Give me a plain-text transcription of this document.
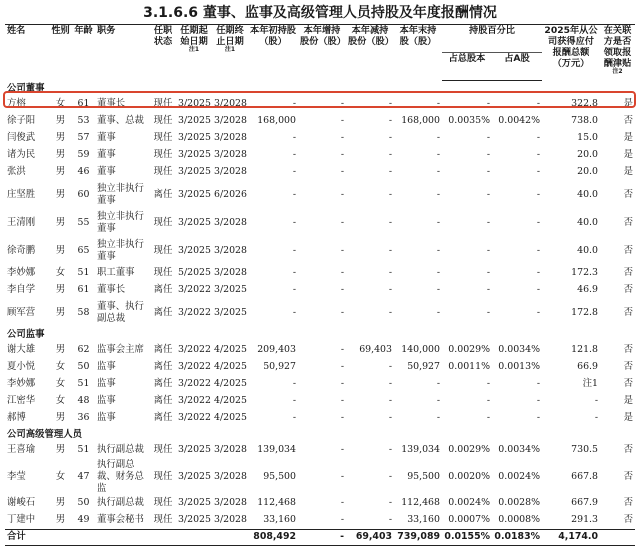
3.1.6.6 董事、监事及高级管理人员持股及年度报酬情况
姓名	性别	年龄	职务	任职状态	任期起始日期$^{注1}$	任期终止日期$^{注1}$	本年初持股（股）	本年增持股份（股）	本年减持股份（股）	本年末持股（股）	持股百分比		2025年从公司获得应付报酬总额（万元）	在关联方是否领取报酬津贴$^{注2}$
											占总股本	占A股		
公司董事														
方榕	女	61	董事长	现任	3/2025	3/2028	-	-	-	-	-	-	322.8	是
徐子阳	男	53	董事、总裁	现任	3/2025	3/2028	168,000	-	-	168,000	0.0035%	0.0042%	738.0	否
闫俊武	男	57	董事	现任	3/2025	3/2028	-	-	-	-	-	-	15.0	是
诸为民	男	59	董事	现任	3/2025	3/2028	-	-	-	-	-	-	20.0	是
张洪	男	46	董事	现任	3/2025	3/2028	-	-	-	-	-	-	20.0	是
庄坚胜	男	60	独立非执行董事	离任	3/2025	6/2026	-	-	-	-	-	-	40.0	否
王清刚	男	55	独立非执行董事	现任	3/2025	3/2028	-	-	-	-	-	-	40.0	否
徐奇鹏	男	65	独立非执行董事	现任	3/2025	3/2028	-	-	-	-	-	-	40.0	否
李妙娜	女	51	职工董事	现任	5/2025	3/2028	-	-	-	-	-	-	172.3	否
李自学	男	61	董事长	离任	3/2022	3/2025	-	-	-	-	-	-	46.9	否
顾军营	男	58	董事、执行副总裁	离任	3/2022	3/2025	-	-	-	-	-	-	172.8	否
公司监事														
谢大雄	男	62	监事会主席	离任	3/2022	4/2025	209,403	-	69,403	140,000	0.0029%	0.0034%	121.8	否
夏小悦	女	50	监事	离任	3/2022	4/2025	50,927	-	-	50,927	0.0011%	0.0013%	66.9	否
李妙娜	女	51	监事	离任	3/2022	4/2025	-	-	-	-	-	-	注1	否
江密华	女	48	监事	离任	3/2022	4/2025	-	-	-	-	-	-	-	是
郝博	男	36	监事	离任	3/2022	4/2025	-	-	-	-	-	-	-	是
公司高级管理人员														
王喜瑜	男	51	执行副总裁	现任	3/2025	3/2028	139,034	-	-	139,034	0.0029%	0.0034%	730.5	否
李莹	女	47	执行副总裁、财务总监	现任	3/2025	3/2028	95,500	-	-	95,500	0.0020%	0.0024%	667.8	否
谢峻石	男	50	执行副总裁	现任	3/2025	3/2028	112,468	-	-	112,468	0.0024%	0.0028%	667.9	否
丁建中	男	49	董事会秘书	现任	3/2025	3/2028	33,160	-	-	33,160	0.0007%	0.0008%	291.3	否
合计							808,492	-	69,403	739,089	0.0155%	0.0183%	4,174.0	
